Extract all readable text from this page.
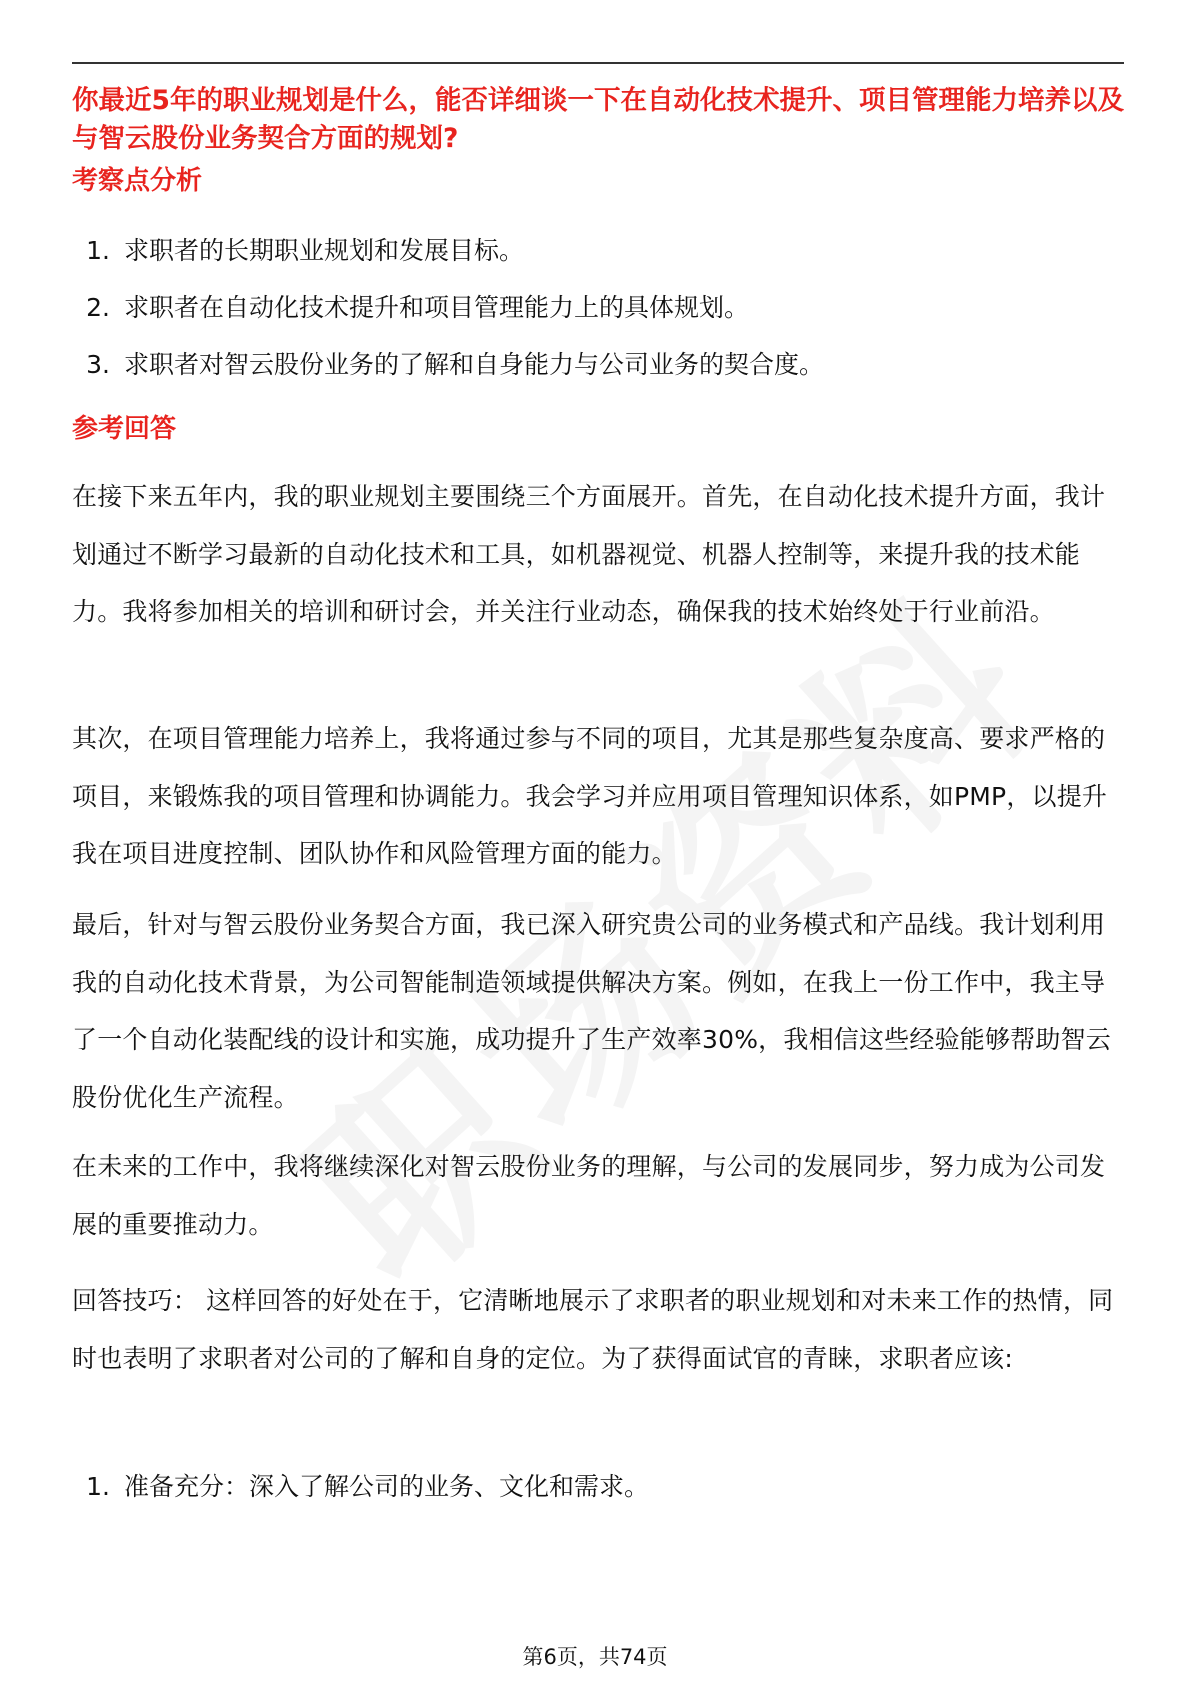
你最近5年的职业规划是什么，能否详细谈一下在自动化技术提升、项目管理能力培养以及与智云股份业务契合方面的规划?
考察点分析
1. 求职者的长期职业规划和发展目标。
2. 求职者在自动化技术提升和项目管理能力上的具体规划。
3. 求职者对智云股份业务的了解和自身能力与公司业务的契合度。
参考回答
在接下来五年内，我的职业规划主要围绕三个方面展开。首先，在自动化技术提升方面，我计划通过不断学习最新的自动化技术和工具，如机器视觉、机器人控制等，来提升我的技术能力。我将参加相关的培训和研讨会，并关注行业动态，确保我的技术始终处于行业前沿。
其次，在项目管理能力培养上，我将通过参与不同的项目，尤其是那些复杂度高、要求严格的项目，来锻炼我的项目管理和协调能力。我会学习并应用项目管理知识体系，如PMP，以提升我在项目进度控制、团队协作和风险管理方面的能力。
最后，针对与智云股份业务契合方面，我已深入研究贵公司的业务模式和产品线。我计划利用我的自动化技术背景，为公司智能制造领域提供解决方案。例如，在我上一份工作中，我主导了一个自动化装配线的设计和实施，成功提升了生产效率30%，我相信这些经验能够帮助智云股份优化生产流程。
在未来的工作中，我将继续深化对智云股份业务的理解，与公司的发展同步，努力成为公司发展的重要推动力。
回答技巧： 这样回答的好处在于，它清晰地展示了求职者的职业规划和对未来工作的热情，同时也表明了求职者对公司的了解和自身的定位。为了获得面试官的青睐，求职者应该:
1. 准备充分：深入了解公司的业务、文化和需求。
第6页，共74页
